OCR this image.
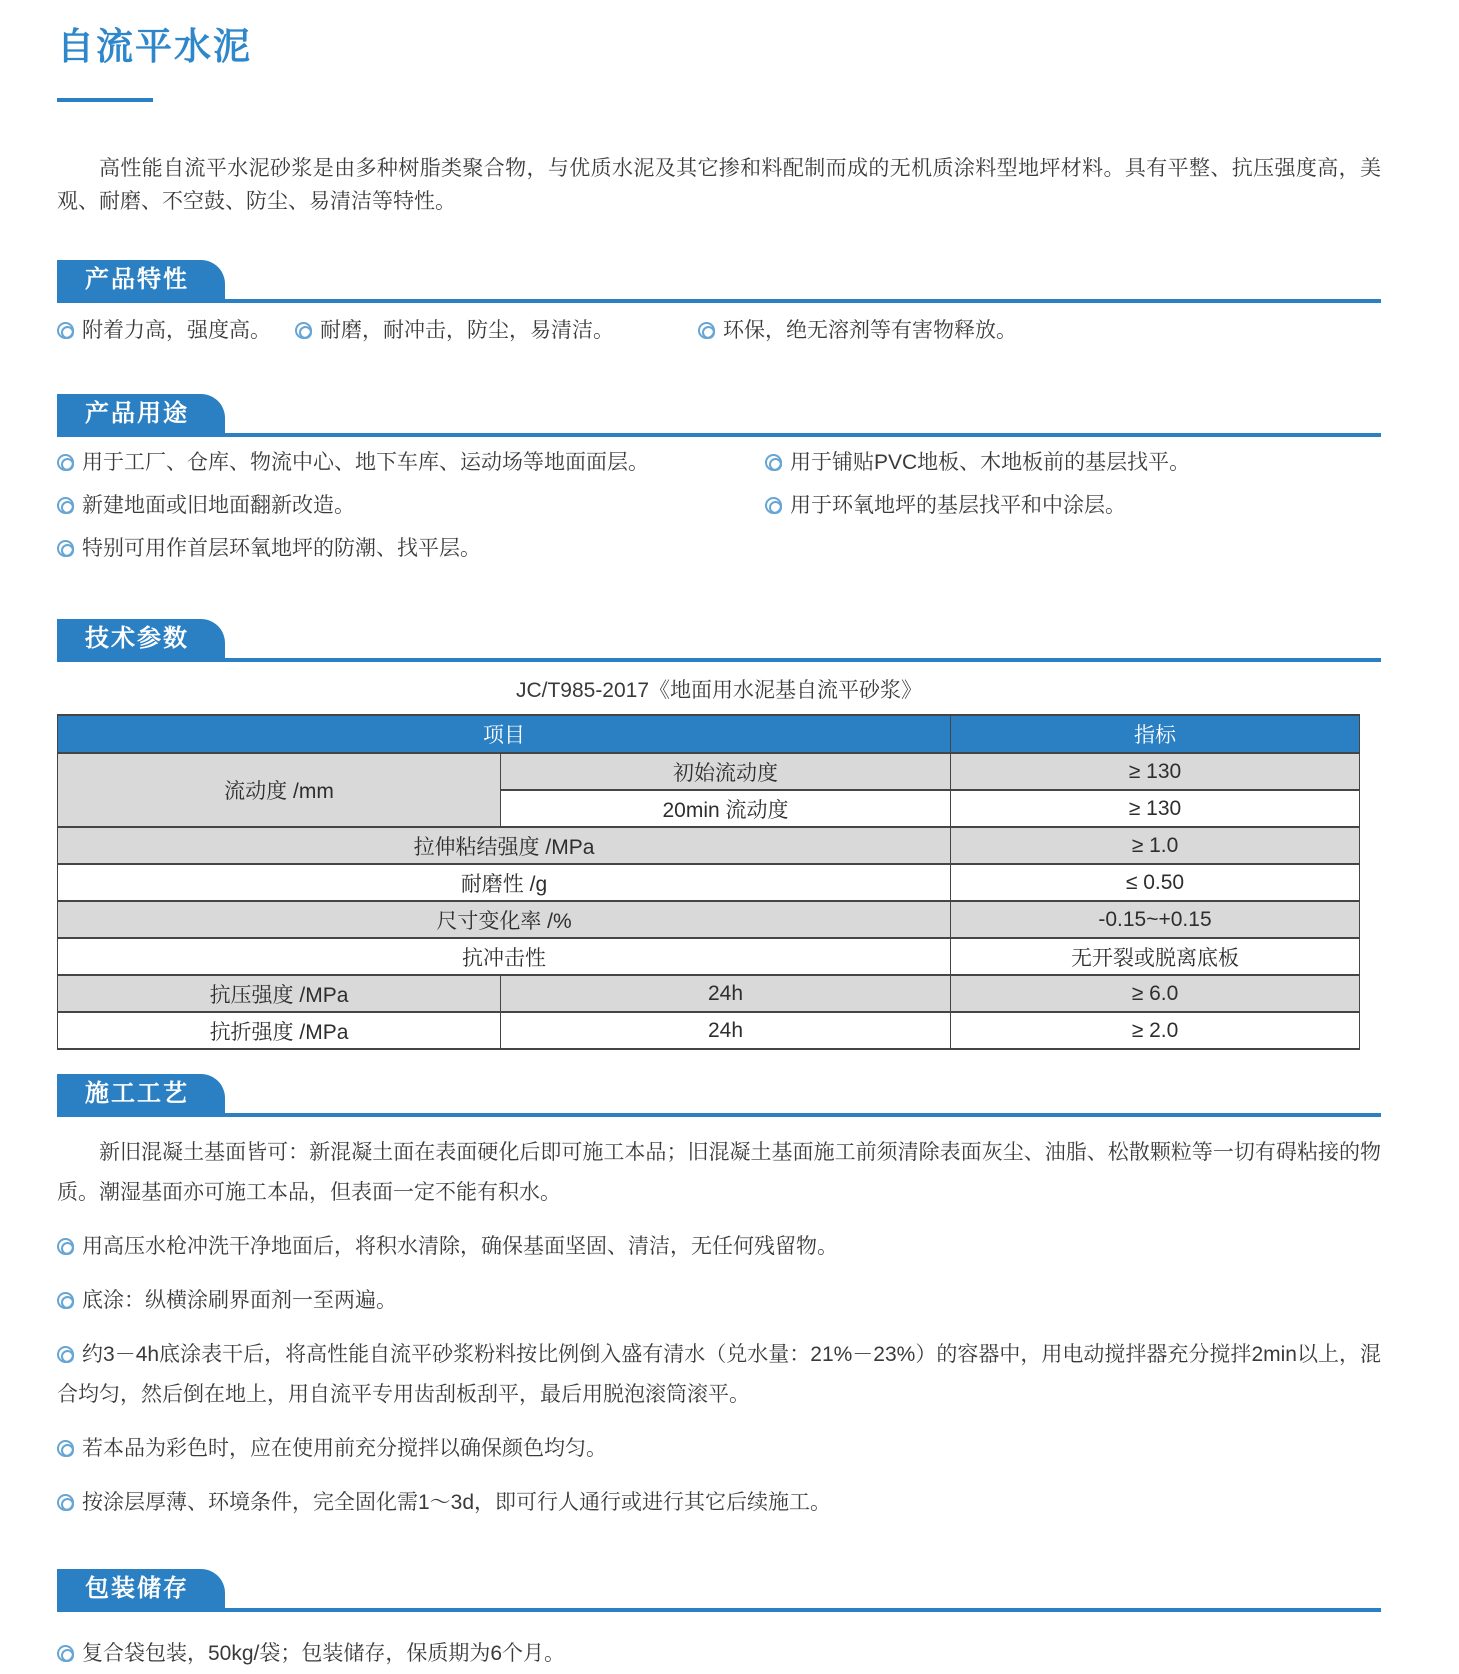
自流平水泥

高性能自流平水泥砂浆是由多种树脂类聚合物，与优质水泥及其它掺和料配制而成的无机质涂料型地坪材料。具有平整、抗压强度高，美观、耐磨、不空鼓、防尘、易清洁等特性。

产品特性
附着力高，强度高。	耐磨，耐冲击，防尘，易清洁。	环保，绝无溶剂等有害物释放。
产品用途
用于工厂、仓库、物流中心、地下车库、运动场等地面面层。
新建地面或旧地面翻新改造。
特别可用作首层环氧地坪的防潮、找平层。
用于铺贴PVC地板、木地板前的基层找平。
用于环氧地坪的基层找平和中涂层。
技术参数

JC/T985-2017《地面用水泥基自流平砂浆》

项目		指标
流动度 /mm	初始流动度	≥ 130
	20min 流动度	≥ 130
拉伸粘结强度 /MPa		≥ 1.0
耐磨性 /g		≤ 0.50
尺寸变化率 /%		-0.15~+0.15
抗冲击性		无开裂或脱离底板
抗压强度 /MPa	24h	≥ 6.0
抗折强度 /MPa	24h	≥ 2.0
施工工艺

新旧混凝土基面皆可：新混凝土面在表面硬化后即可施工本品；旧混凝土基面施工前须清除表面灰尘、油脂、松散颗粒等一切有碍粘接的物质。潮湿基面亦可施工本品，但表面一定不能有积水。

用高压水枪冲洗干净地面后，将积水清除，确保基面坚固、清洁，无任何残留物。
底涂：纵横涂刷界面剂一至两遍。
约3－4h底涂表干后，将高性能自流平砂浆粉料按比例倒入盛有清水（兑水量：21%－23%）的容器中，用电动搅拌器充分搅拌2min以上，混合均匀，然后倒在地上，用自流平专用齿刮板刮平，最后用脱泡滚筒滚平。
若本品为彩色时，应在使用前充分搅拌以确保颜色均匀。
按涂层厚薄、环境条件，完全固化需1～3d，即可行人通行或进行其它后续施工。
包装储存
复合袋包装，50kg/袋；包装储存，保质期为6个月。
